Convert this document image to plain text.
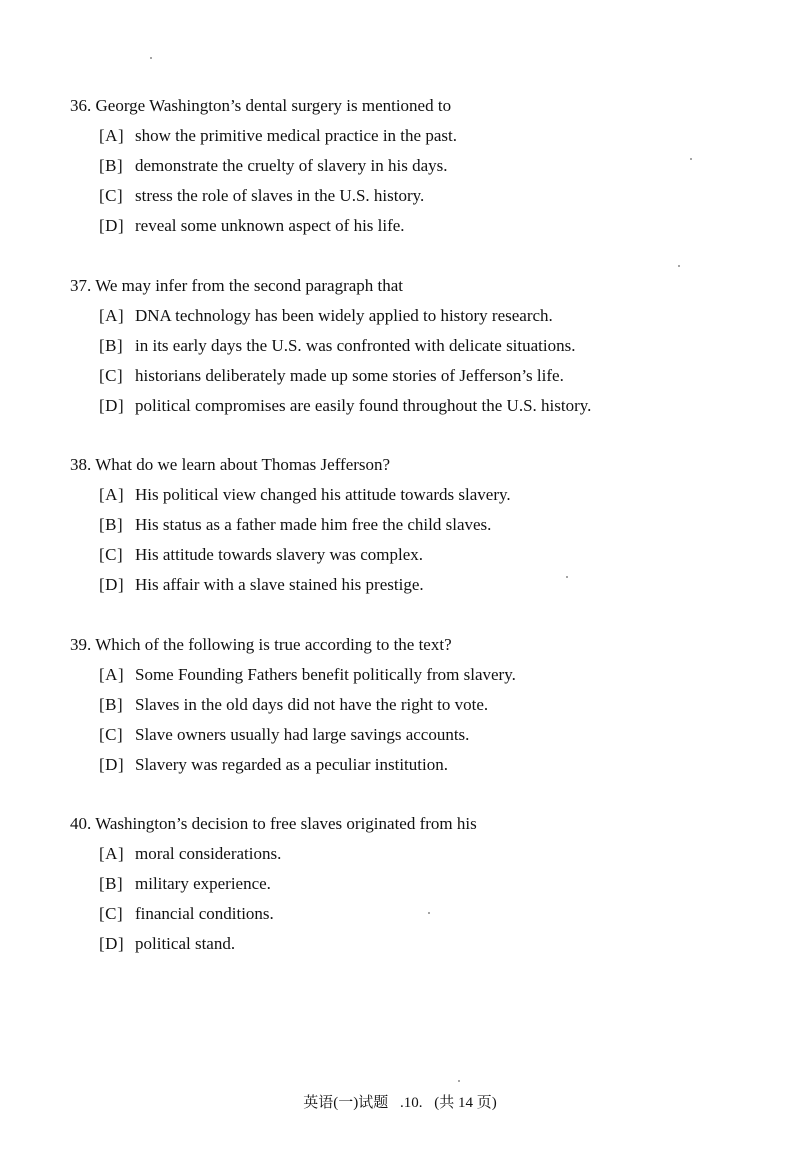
36. George Washington’s dental surgery is mentioned to
[A] show the primitive medical practice in the past.
[B] demonstrate the cruelty of slavery in his days.
[C] stress the role of slaves in the U.S. history.
[D] reveal some unknown aspect of his life.
37. We may infer from the second paragraph that
[A] DNA technology has been widely applied to history research.
[B] in its early days the U.S. was confronted with delicate situations.
[C] historians deliberately made up some stories of Jefferson’s life.
[D] political compromises are easily found throughout the U.S. history.
38. What do we learn about Thomas Jefferson?
[A] His political view changed his attitude towards slavery.
[B] His status as a father made him free the child slaves.
[C] His attitude towards slavery was complex.
[D] His affair with a slave stained his prestige.
39. Which of the following is true according to the text?
[A] Some Founding Fathers benefit politically from slavery.
[B] Slaves in the old days did not have the right to vote.
[C] Slave owners usually had large savings accounts.
[D] Slavery was regarded as a peculiar institution.
40. Washington’s decision to free slaves originated from his
[A] moral considerations.
[B] military experience.
[C] financial conditions.
[D] political stand.
英语(一)试题 .10. (共 14 页)
